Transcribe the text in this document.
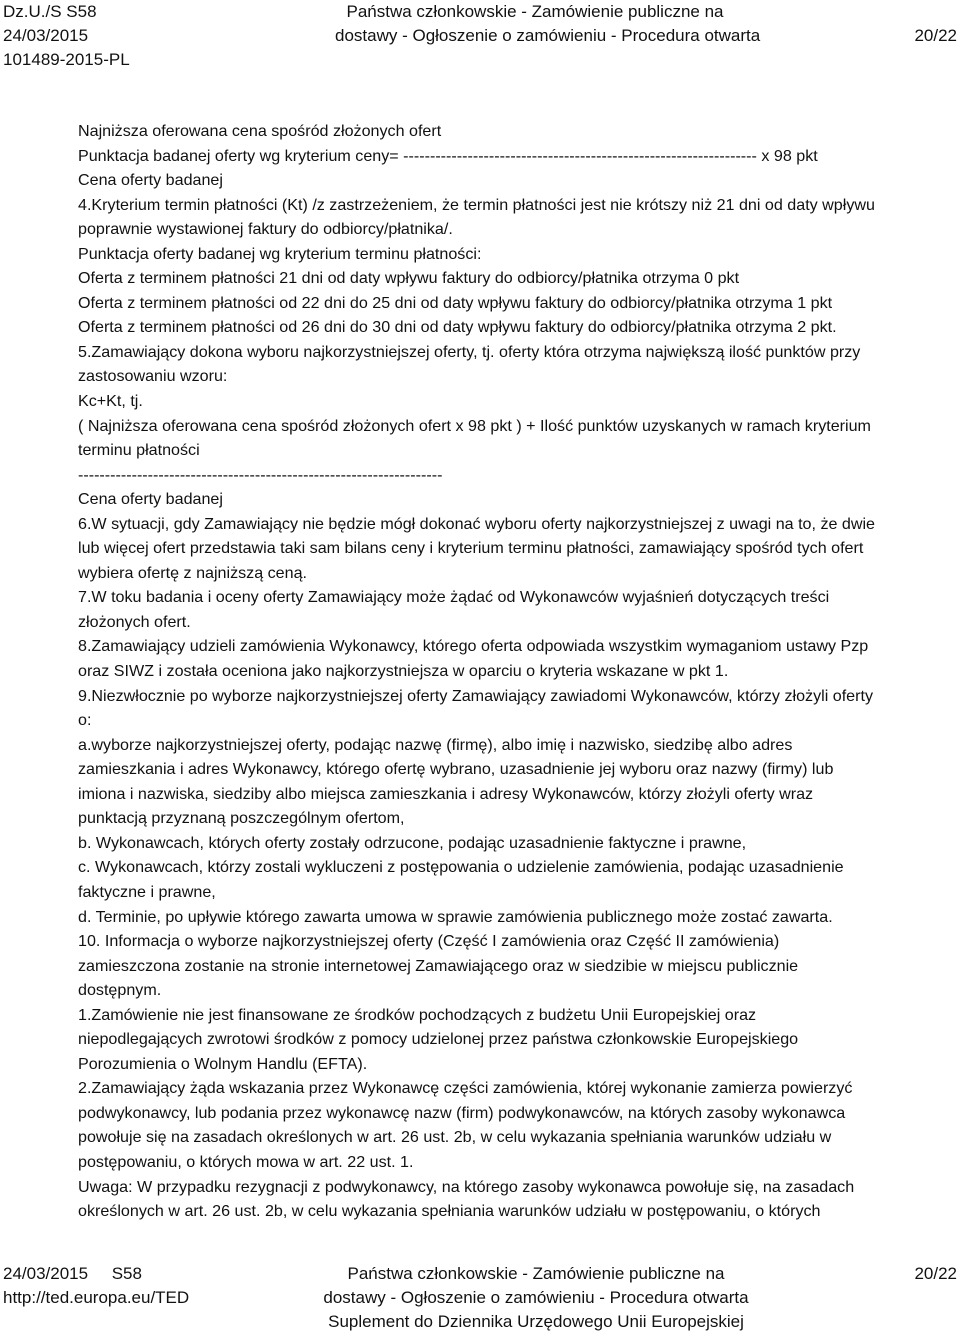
Dz.U./S S58
24/03/2015
101489-2015-PL
Państwa członkowskie - Zamówienie publiczne na
dostawy - Ogłoszenie o zamówieniu - Procedura otwarta	20/22
Najniższa oferowana cena spośród złożonych ofert
Punktacja badanej oferty wg kryterium ceny= ------------------------------------------------------------------ x 98 pkt
Cena oferty badanej
4.Kryterium termin płatności (Kt) /z zastrzeżeniem, że termin płatności jest nie krótszy niż 21 dni od daty wpływu
poprawnie wystawionej faktury do odbiorcy/płatnika/.
Punktacja oferty badanej wg kryterium terminu płatności:
Oferta z terminem płatności 21 dni od daty wpływu faktury do odbiorcy/płatnika otrzyma 0 pkt
Oferta z terminem płatności od 22 dni do 25 dni od daty wpływu faktury do odbiorcy/płatnika otrzyma 1 pkt
Oferta z terminem płatności od 26 dni do 30 dni od daty wpływu faktury do odbiorcy/płatnika otrzyma 2 pkt.
5.Zamawiający dokona wyboru najkorzystniejszej oferty, tj. oferty która otrzyma największą ilość punktów przy
zastosowaniu wzoru:
Kc+Kt, tj.
( Najniższa oferowana cena spośród złożonych ofert x 98 pkt ) + Ilość punktów uzyskanych w ramach kryterium
terminu płatności
--------------------------------------------------------------------
Cena oferty badanej
6.W sytuacji, gdy Zamawiający nie będzie mógł dokonać wyboru oferty najkorzystniejszej z uwagi na to, że dwie
lub więcej ofert przedstawia taki sam bilans ceny i kryterium terminu płatności, zamawiający spośród tych ofert
wybiera ofertę z najniższą ceną.
7.W toku badania i oceny oferty Zamawiający może żądać od Wykonawców wyjaśnień dotyczących treści
złożonych ofert.
8.Zamawiający udzieli zamówienia Wykonawcy, którego oferta odpowiada wszystkim wymaganiom ustawy Pzp
oraz SIWZ i została oceniona jako najkorzystniejsza w oparciu o kryteria wskazane w pkt 1.
9.Niezwłocznie po wyborze najkorzystniejszej oferty Zamawiający zawiadomi Wykonawców, którzy złożyli oferty
o:
a.wyborze najkorzystniejszej oferty, podając nazwę (firmę), albo imię i nazwisko, siedzibę albo adres
zamieszkania i adres Wykonawcy, którego ofertę wybrano, uzasadnienie jej wyboru oraz nazwy (firmy) lub
imiona i nazwiska, siedziby albo miejsca zamieszkania i adresy Wykonawców, którzy złożyli oferty wraz
punktacją przyznaną poszczególnym ofertom,
b. Wykonawcach, których oferty zostały odrzucone, podając uzasadnienie faktyczne i prawne,
c. Wykonawcach, którzy zostali wykluczeni z postępowania o udzielenie zamówienia, podając uzasadnienie
faktyczne i prawne,
d. Terminie, po upływie którego zawarta umowa w sprawie zamówienia publicznego może zostać zawarta.
10. Informacja o wyborze najkorzystniejszej oferty (Część I zamówienia oraz Część II zamówienia)
zamieszczona zostanie na stronie internetowej Zamawiającego oraz w siedzibie w miejscu publicznie
dostępnym.
1.Zamówienie nie jest finansowane ze środków pochodzących z budżetu Unii Europejskiej oraz
niepodlegających zwrotowi środków z pomocy udzielonej przez państwa członkowskie Europejskiego
Porozumienia o Wolnym Handlu (EFTA).
2.Zamawiający żąda wskazania przez Wykonawcę części zamówienia, której wykonanie zamierza powierzyć
podwykonawcy, lub podania przez wykonawcę nazw (firm) podwykonawców, na których zasoby wykonawca
powołuje się na zasadach określonych w art. 26 ust. 2b, w celu wykazania spełniania warunków udziału w
postępowaniu, o których mowa w art. 22 ust. 1.
Uwaga: W przypadku rezygnacji z podwykonawcy, na którego zasoby wykonawca powołuje się, na zasadach
określonych w art. 26 ust. 2b, w celu wykazania spełniania warunków udziału w postępowaniu, o których
24/03/2015     S58
http://ted.europa.eu/TED
Państwa członkowskie - Zamówienie publiczne na
dostawy - Ogłoszenie o zamówieniu - Procedura otwarta
Suplement do Dziennika Urzędowego Unii Europejskiej
20/22
